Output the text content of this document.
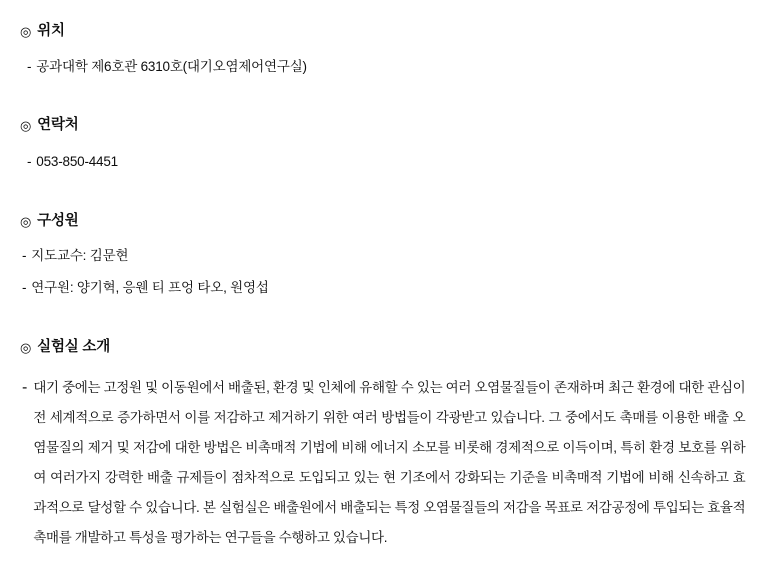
◎ 위치
- 공과대학 제6호관 6310호(대기오염제어연구실)
◎ 연락처
- 053-850-4451
◎ 구성원
- 지도교수: 김문현
- 연구원: 양기혁, 응웬 티 프엉 타오, 원영섭
◎ 실험실 소개
- 대기 중에는 고정원 및 이동원에서 배출된, 환경 및 인체에 유해할 수 있는 여러 오염물질들이 존재하며 최근 환경에 대한 관심이 전 세계적으로 증가하면서 이를 저감하고 제거하기 위한 여러 방법들이 각광받고 있습니다. 그 중에서도 촉매를 이용한 배출 오염물질의 제거 및 저감에 대한 방법은 비촉매적 기법에 비해 에너지 소모를 비롯해 경제적으로 이득이며, 특히 환경 보호를 위하여 여러가지 강력한 배출 규제들이 점차적으로 도입되고 있는 현 기조에서 강화되는 기준을 비촉매적 기법에 비해 신속하고 효과적으로 달성할 수 있습니다. 본 실험실은 배출원에서 배출되는 특정 오염물질들의 저감을 목표로 저감공정에 투입되는 효율적 촉매를 개발하고 특성을 평가하는 연구들을 수행하고 있습니다.
